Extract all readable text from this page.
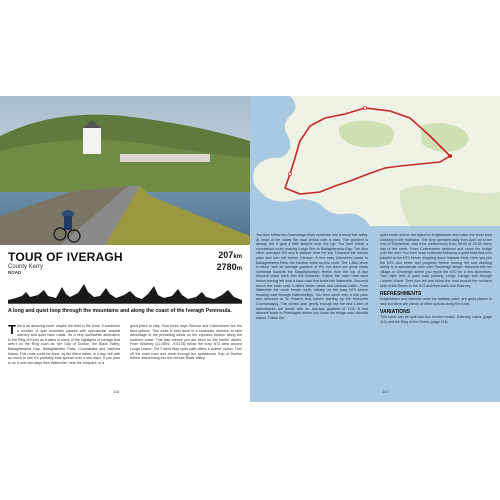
TOUR OF IVERAGH
County Kerry
ROAD
207km
2780m
A long and quiet loop through the mountains and along the coast of the Iveragh Peninsula.
This is an amazing route, maybe the best in the book. It combines a number of epic mountain passes with spectacular coastal scenery and quiet back roads. It's a very worthwhile alternative to the Ring of Kerry as it takes in many of the highlights of Iveragh that aren't on the Ring such as: the Gap of Dunloe, the Black Valley, Ballaghbeama Gap, Ballaghisheen Pass, Coomakista and Valentia Island. This route could be done, by the fittest riders, in a day, but with so much to see it's probably best spread over a few days. If you plan to do it over two days then Waterville, near the midpoint, is a
good place to stay. Over three days Glencar and Cahersiveen are the best options. This route is best done in a clockwise direction to take advantage of the prevailing winds on the exposed section along the northern coast. This also means you are fresh for the harder climbs. From Killarney (22.3891, -9.5178) follow the busy N72 west around Lough Leane. The Forest Way cycle path offers a quieter option. Turn off the main road and climb through the spectacular Gap of Dunloe before descending into the remote Black Valley.
116
You then follow the Owenreagh River upstream into a broad flat valley. At head of the valley the road climbs over a pass. The gradient is steady, but it gets a little steeper near the top. You then follow a roundabout route passing Lough Brin to Ballaghbeama Gap. The 4km climb averages 5% and is steeper near the top. Descend the narrow pass and turn left before Glencar. A few easy kilometres leads to Ballaghisheen Pass, the hardest climb on this route. The 1.8km climb is steep, with an average gradient of 9%, but there are great views northeast towards the Macgillycuddy's Reeks from the top. A fast descent leads back into the lowlands. Follow the main road west before turning left onto a back road that leads into Waterville. Descend above the main road it offers better views and minimal traffic. From Waterville the route heads north, initially on the busy N70 before heading east through Ballinskelligs. You then climb over a low pass and descend to St Finian's Bay before starting up the fearsome Coomanaspig. The climbs start gently enough but the last 1.5km of switchbacks are brutal with an average gradient of 11%. A fast descent leads to Portmagee where you cross the bridge onto Valentia Island. Follow the

quiet roads across the island to Knightstown and make the short ferry crossing to the mainland. The ferry operates daily from April 1st to the end of September, and runs continuously from 08.00 to 22.00 every day of the week. From Cahersiveen descend and cross the bridge over the river. You then head northeast following a quiet road that runs parallel to the N70 before dropping down towards Kells. Here you join the N70 and never feel progress before turning left and climbing briefly to a spectacular view over Rossbeigh beach. Descend into the village of Glenbeigh where you rejoin the N70 for a few kilometres. Turn right onto a quiet road passing Lough Caragh and through Lickeen Wood. Then turn left and follow the road around the northern side of the Reeks to the N72 and then back into Killarney.

REFRESHMENTS

Knightstown and Valentia, near the halfway point, are good places to stop but there are plenty of other options along the route.

VARIATIONS

This route can be split into two shorter routes, Killarney Lakes (page 112) and the Ring of the Reeks (page 118).

117
